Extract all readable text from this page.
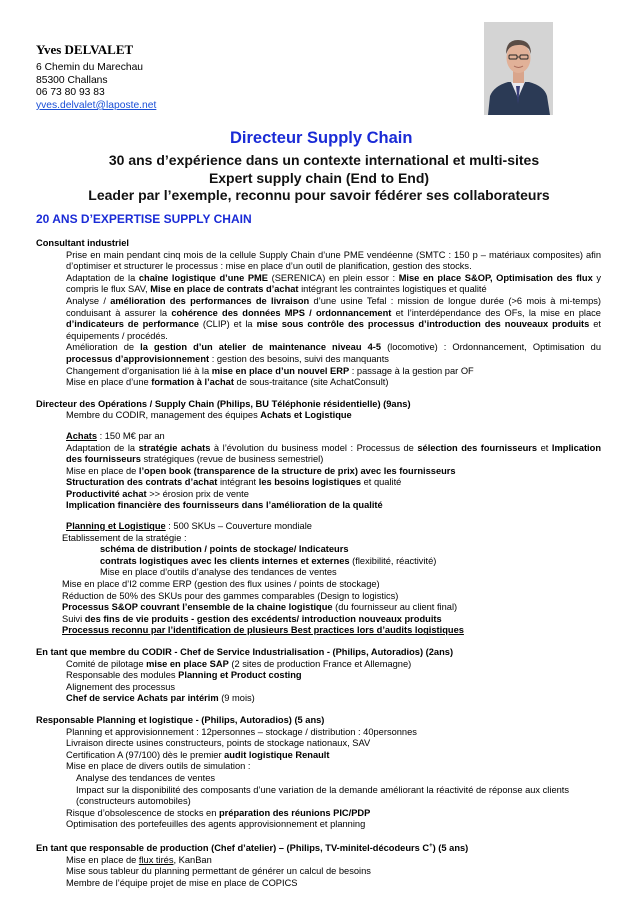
Yves DELVALET
6 Chemin du Marechau
85300 Challans
06 73 80 93 83
yves.delvalet@laposte.net
Directeur Supply Chain
30 ans d’expérience dans un contexte international et multi-sites
Expert supply chain (End to End)
Leader par l’exemple, reconnu pour savoir fédérer ses collaborateurs
20 ANS D’EXPERTISE SUPPLY CHAIN
Consultant industriel
Prise en main pendant cinq mois de la cellule Supply Chain d’une PME vendéenne (SMTC : 150 p – matériaux composites) afin d’optimiser et structurer le processus : mise en place d’un outil de planification, gestion des stocks.
Adaptation de la chaîne logistique d’une PME (SERENICA) en plein essor : Mise en place S&OP, Optimisation des flux y compris le flux SAV, Mise en place de contrats d’achat intégrant les contraintes logistiques et qualité
Analyse / amélioration des performances de livraison d’une usine Tefal : mission de longue durée (>6 mois à mi-temps) conduisant à assurer la cohérence des données MPS / ordonnancement et l’interdépendance des OFs, la mise en place d’indicateurs de performance (CLIP) et la mise sous contrôle des processus d’introduction des nouveaux produits et équipements / procédés.
Amélioration de la gestion d’un atelier de maintenance niveau 4-5 (locomotive) : Ordonnancement, Optimisation du processus d’approvisionnement : gestion des besoins, suivi des manquants
Changement d’organisation lié à la mise en place d’un nouvel ERP : passage à la gestion par OF
Mise en place d’une formation à l’achat de sous-traitance (site AchatConsult)
Directeur des Opérations / Supply Chain (Philips, BU Téléphonie résidentielle) (9ans)
Membre du CODIR, management des équipes Achats et Logistique
Achats : 150 M€ par an
Adaptation de la stratégie achats à l’évolution du business model : Processus de sélection des fournisseurs et Implication des fournisseurs stratégiques (revue de business semestriel)
Mise en place de l’open book (transparence de la structure de prix) avec les fournisseurs
Structuration des contrats d’achat intégrant les besoins logistiques et qualité
Productivité achat >> érosion prix de vente
Implication financière des fournisseurs dans l’amélioration de la qualité
Planning et Logistique : 500 SKUs – Couverture mondiale
Etablissement de la stratégie :
schéma de distribution / points de stockage/ Indicateurs
contrats logistiques avec les clients internes et externes (flexibilité, réactivité)
Mise en place d’outils d’analyse des tendances de ventes
Mise en place d’I2 comme ERP (gestion des flux usines / points de stockage)
Réduction de 50% des SKUs pour des gammes comparables (Design to logistics)
Processus S&OP couvrant l’ensemble de la chaine logistique (du fournisseur au client final)
Suivi des fins de vie produits - gestion des excédents/ introduction nouveaux produits
Processus reconnu par l’identification de plusieurs Best practices lors d’audits logistiques
En tant que membre du CODIR - Chef de Service Industrialisation - (Philips, Autoradios) (2ans)
Comité de pilotage mise en place SAP (2 sites de production France et Allemagne)
Responsable des modules Planning et Product costing
Alignement des processus
Chef de service Achats par intérim (9 mois)
Responsable Planning et logistique - (Philips, Autoradios) (5 ans)
Planning et approvisionnement : 12personnes – stockage / distribution : 40personnes
Livraison directe usines constructeurs, points de stockage nationaux, SAV
Certification A (97/100) dès le premier audit logistique Renault
Mise en place de divers outils de simulation :
Analyse des tendances de ventes
Impact sur la disponibilité des composants d’une variation de la demande améliorant la réactivité de réponse aux clients (constructeurs automobiles)
Risque d’obsolescence de stocks en préparation des réunions PIC/PDP
Optimisation des portefeuilles des agents approvisionnement et planning
En tant que responsable de production (Chef d’atelier) – (Philips, TV-minitel-décodeurs C+) (5 ans)
Mise en place de flux tirés, KanBan
Mise sous tableur du planning permettant de générer un calcul de besoins
Membre de l’équipe projet de mise en place de COPICS
